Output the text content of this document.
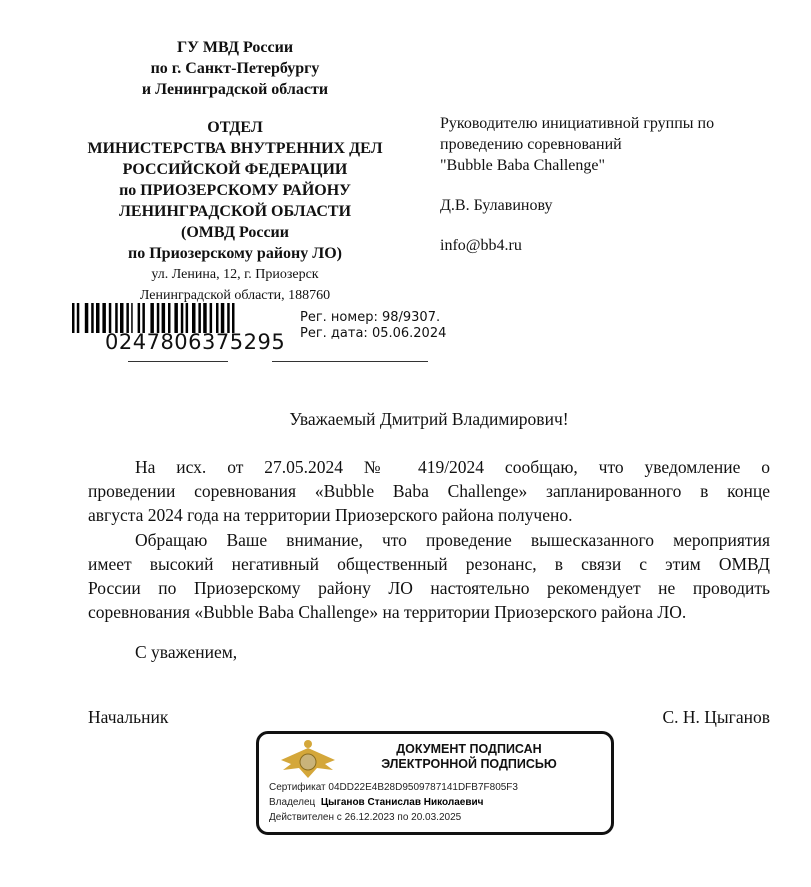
ГУ МВД России
по г. Санкт-Петербургу
и Ленинградской области
ОТДЕЛ
МИНИСТЕРСТВА ВНУТРЕННИХ ДЕЛ
РОССИЙСКОЙ ФЕДЕРАЦИИ
по ПРИОЗЕРСКОМУ РАЙОНУ
ЛЕНИНГРАДСКОЙ ОБЛАСТИ
(ОМВД России
по Приозерскому району ЛО)
ул. Ленина, 12, г. Приозерск
Ленинградской области, 188760
0247806375295
Рег. номер: 98/9307.
Рег. дата: 05.06.2024
Руководителю инициативной группы по
проведению соревнований
"Bubble Baba Challenge"
Д.В. Булавинову
info@bb4.ru
Уважаемый Дмитрий Владимирович!
На исх. от 27.05.2024 № 419/2024 сообщаю, что уведомление о
проведении соревнования «Bubble Baba Challenge» запланированного в конце
августа 2024 года на территории Приозерского района получено.
Обращаю Ваше внимание, что проведение вышесказанного мероприятия
имеет высокий негативный общественный резонанс, в связи с этим ОМВД
России по Приозерскому району ЛО настоятельно рекомендует не проводить
соревнования «Bubble Baba Challenge» на территории Приозерского района ЛО.
С уважением,
Начальник	С. Н. Цыганов
ДОКУМЕНТ ПОДПИСАН
ЭЛЕКТРОННОЙ ПОДПИСЬЮ
Сертификат 04DD22E4B28D9509787141DFB7F805F3
Владелец Цыганов Станислав Николаевич
Действителен с 26.12.2023 по 20.03.2025
